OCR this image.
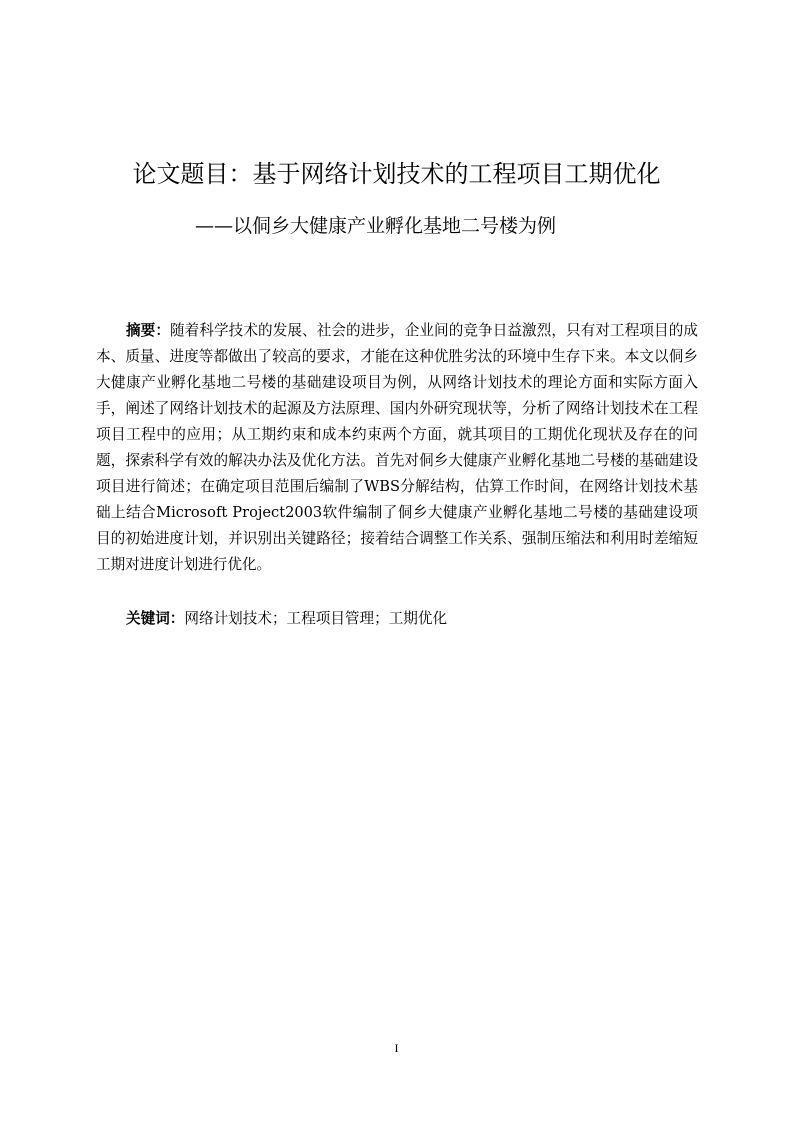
论文题目：基于网络计划技术的工程项目工期优化

——以侗乡大健康产业孵化基地二号楼为例

摘要：随着科学技术的发展、社会的进步，企业间的竞争日益激烈，只有对工程项目的成本、质量、进度等都做出了较高的要求，才能在这种优胜劣汰的环境中生存下来。本文以侗乡大健康产业孵化基地二号楼的基础建设项目为例，从网络计划技术的理论方面和实际方面入手，阐述了网络计划技术的起源及方法原理、国内外研究现状等，分析了网络计划技术在工程项目工程中的应用；从工期约束和成本约束两个方面，就其项目的工期优化现状及存在的问题，探索科学有效的解决办法及优化方法。首先对侗乡大健康产业孵化基地二号楼的基础建设项目进行简述；在确定项目范围后编制了WBS分解结构，估算工作时间，在网络计划技术基础上结合Microsoft Project2003软件编制了侗乡大健康产业孵化基地二号楼的基础建设项目的初始进度计划，并识别出关键路径；接着结合调整工作关系、强制压缩法和利用时差缩短工期对进度计划进行优化。

关键词：网络计划技术；工程项目管理；工期优化

I
